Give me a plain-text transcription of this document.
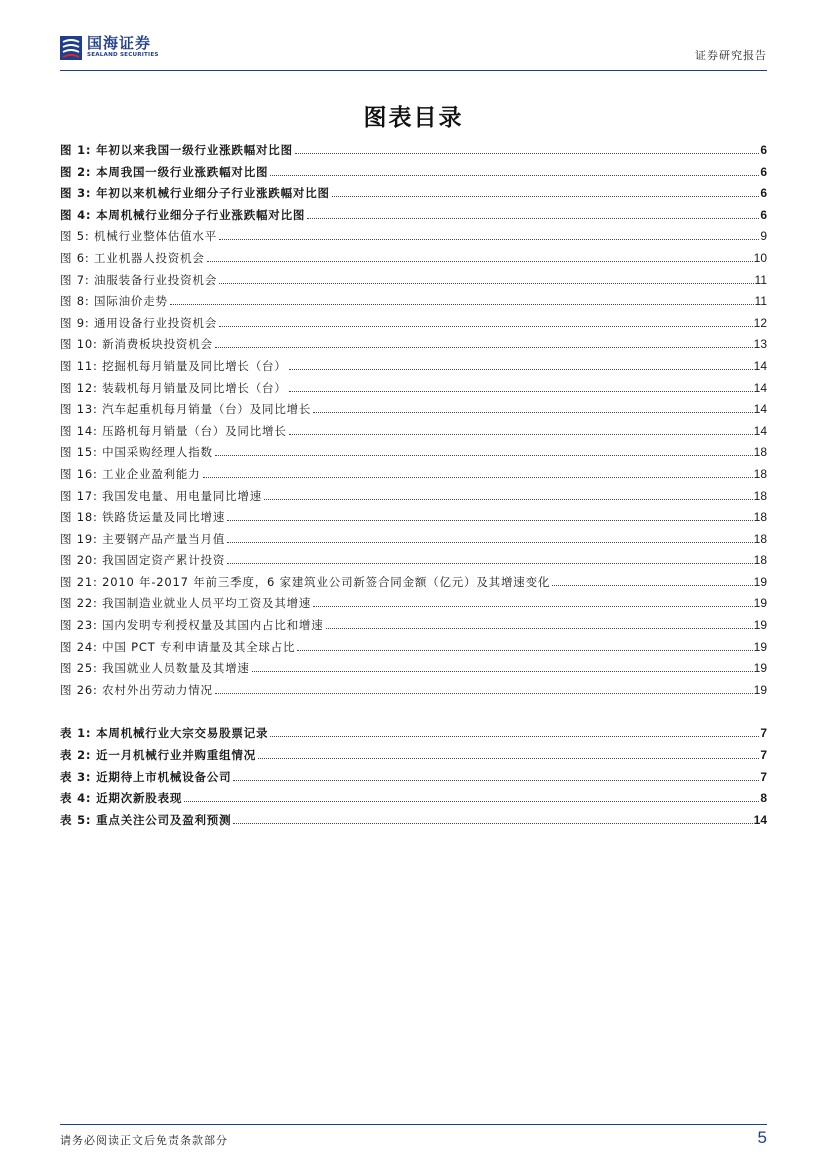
国海证券
SEALAND SECURITIES	证券研究报告
图表目录
图 1: 年初以来我国一级行业涨跌幅对比图	6
图 2: 本周我国一级行业涨跌幅对比图	6
图 3: 年初以来机械行业细分子行业涨跌幅对比图	6
图 4: 本周机械行业细分子行业涨跌幅对比图	6
图 5: 机械行业整体估值水平	9
图 6: 工业机器人投资机会	10
图 7: 油服装备行业投资机会	11
图 8: 国际油价走势	11
图 9: 通用设备行业投资机会	12
图 10: 新消费板块投资机会	13
图 11: 挖掘机每月销量及同比增长（台）	14
图 12: 装载机每月销量及同比增长（台）	14
图 13: 汽车起重机每月销量（台）及同比增长	14
图 14: 压路机每月销量（台）及同比增长	14
图 15: 中国采购经理人指数	18
图 16: 工业企业盈利能力	18
图 17: 我国发电量、用电量同比增速	18
图 18: 铁路货运量及同比增速	18
图 19: 主要钢产品产量当月值	18
图 20: 我国固定资产累计投资	18
图 21: 2010 年-2017 年前三季度，6 家建筑业公司新签合同金额（亿元）及其增速变化	19
图 22: 我国制造业就业人员平均工资及其增速	19
图 23: 国内发明专利授权量及其国内占比和增速	19
图 24: 中国 PCT 专利申请量及其全球占比	19
图 25: 我国就业人员数量及其增速	19
图 26: 农村外出劳动力情况	19
表 1: 本周机械行业大宗交易股票记录	7
表 2: 近一月机械行业并购重组情况	7
表 3: 近期待上市机械设备公司	7
表 4: 近期次新股表现	8
表 5: 重点关注公司及盈利预测	14
请务必阅读正文后免责条款部分	5
